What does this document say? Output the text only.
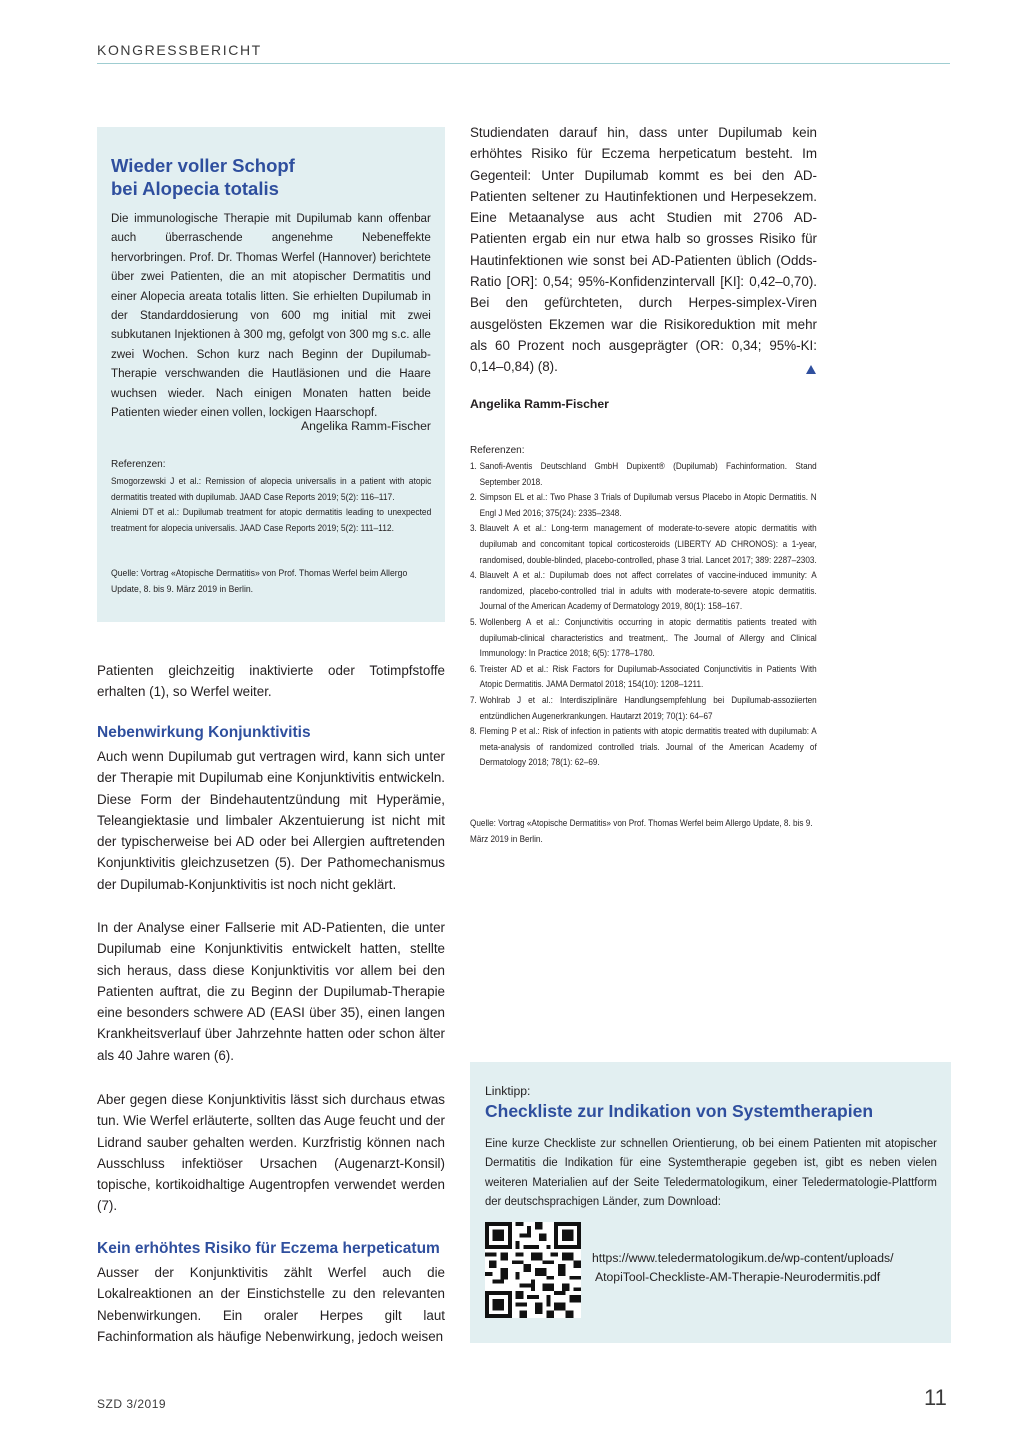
KONGRESSBERICHT
Wieder voller Schopf
bei Alopecia totalis
Die immunologische Therapie mit Dupilumab kann offenbar auch überraschende angenehme Nebeneffekte hervorbringen. Prof. Dr. Thomas Werfel (Hannover) berichtete über zwei Patienten, die an mit atopischer Dermatitis und einer Alopecia areata totalis litten. Sie erhielten Dupilumab in der Standarddosierung von 600 mg initial mit zwei subkutanen Injektionen à 300 mg, gefolgt von 300 mg s.c. alle zwei Wochen. Schon kurz nach Beginn der Dupilumab-Therapie verschwanden die Hautläsionen und die Haare wuchsen wieder. Nach einigen Monaten hatten beide Patienten wieder einen vollen, lockigen Haarschopf.
Angelika Ramm-Fischer
Referenzen:
Smogorzewski J et al.: Remission of alopecia universalis in a patient with atopic dermatitis treated with dupilumab. JAAD Case Reports 2019; 5(2): 116–117.
Alniemi DT et al.: Dupilumab treatment for atopic dermatitis leading to unexpected treatment for alopecia universalis. JAAD Case Reports 2019; 5(2): 111–112.
Quelle: Vortrag «Atopische Dermatitis» von Prof. Thomas Werfel beim Allergo Update, 8. bis 9. März 2019 in Berlin.
Patienten gleichzeitig inaktivierte oder Totimpfstoffe erhalten (1), so Werfel weiter.
Nebenwirkung Konjunktivitis
Auch wenn Dupilumab gut vertragen wird, kann sich unter der Therapie mit Dupilumab eine Konjunktivitis entwickeln. Diese Form der Bindehautentzündung mit Hyperämie, Teleangiektasie und limbaler Akzentuierung ist nicht mit der typischerweise bei AD oder bei Allergien auftretenden Konjunktivitis gleichzusetzen (5). Der Pathomechanismus der Dupilumab-Konjunktivitis ist noch nicht geklärt.
In der Analyse einer Fallserie mit AD-Patienten, die unter Dupilumab eine Konjunktivitis entwickelt hatten, stellte sich heraus, dass diese Konjunktivitis vor allem bei den Patienten auftrat, die zu Beginn der Dupilumab-Therapie eine besonders schwere AD (EASI über 35), einen langen Krankheitsverlauf über Jahrzehnte hatten oder schon älter als 40 Jahre waren (6).
Aber gegen diese Konjunktivitis lässt sich durchaus etwas tun. Wie Werfel erläuterte, sollten das Auge feucht und der Lidrand sauber gehalten werden. Kurzfristig können nach Ausschluss infektiöser Ursachen (Augenarzt-Konsil) topische, kortikoidhaltige Augentropfen verwendet werden (7).
Kein erhöhtes Risiko für Eczema herpeticatum
Ausser der Konjunktivitis zählt Werfel auch die Lokalreaktionen an der Einstichstelle zu den relevanten Nebenwirkungen. Ein oraler Herpes gilt laut Fachinformation als häufige Nebenwirkung, jedoch weisen
Studiendaten darauf hin, dass unter Dupilumab kein erhöhtes Risiko für Eczema herpeticatum besteht. Im Gegenteil: Unter Dupilumab kommt es bei den AD-Patienten seltener zu Hautinfektionen und Herpesekzem. Eine Metaanalyse aus acht Studien mit 2706 AD-Patienten ergab ein nur etwa halb so grosses Risiko für Hautinfektionen wie sonst bei AD-Patienten üblich (Odds-Ratio [OR]: 0,54; 95%-Konfidenzintervall [KI]: 0,42–0,70). Bei den gefürchteten, durch Herpes-simplex-Viren ausgelösten Ekzemen war die Risikoreduktion mit mehr als 60 Prozent noch ausgeprägter (OR: 0,34; 95%-KI: 0,14–0,84) (8).
Angelika Ramm-Fischer
Referenzen:
1. Sanofi-Aventis Deutschland GmbH Dupixent® (Dupilumab) Fachinformation. Stand September 2018.
2. Simpson EL et al.: Two Phase 3 Trials of Dupilumab versus Placebo in Atopic Dermatitis. N Engl J Med 2016; 375(24): 2335–2348.
3. Blauvelt A et al.: Long-term management of moderate-to-severe atopic dermatitis with dupilumab and concomitant topical corticosteroids (LIBERTY AD CHRONOS): a 1-year, randomised, double-blinded, placebo-controlled, phase 3 trial. Lancet 2017; 389: 2287–2303.
4. Blauvelt A et al.: Dupilumab does not affect correlates of vaccine-induced immunity: A randomized, placebo-controlled trial in adults with moderate-to-severe atopic dermatitis. Journal of the American Academy of Dermatology 2019, 80(1): 158–167.
5. Wollenberg A et al.: Conjunctivitis occurring in atopic dermatitis patients treated with dupilumab-clinical characteristics and treatment,. The Journal of Allergy and Clinical Immunology: In Practice 2018; 6(5): 1778–1780.
6. Treister AD et al.: Risk Factors for Dupilumab-Associated Conjunctivitis in Patients With Atopic Dermatitis. JAMA Dermatol 2018; 154(10): 1208–1211.
7. Wohlrab J et al.: Interdisziplinäre Handlungsempfehlung bei Dupilumab-assoziierten entzündlichen Augenerkrankungen. Hautarzt 2019; 70(1): 64–67
8. Fleming P et al.: Risk of infection in patients with atopic dermatitis treated with dupilumab: A meta-analysis of randomized controlled trials. Journal of the American Academy of Dermatology 2018; 78(1): 62–69.
Quelle: Vortrag «Atopische Dermatitis» von Prof. Thomas Werfel beim Allergo Update, 8. bis 9. März 2019 in Berlin.
Linktipp:
Checkliste zur Indikation von Systemtherapien
Eine kurze Checkliste zur schnellen Orientierung, ob bei einem Patienten mit atopischer Dermatitis die Indikation für eine Systemtherapie gegeben ist, gibt es neben vielen weiteren Materialien auf der Seite Teledermatologikum, einer Teledermatologie-Plattform der deutschsprachigen Länder, zum Download:
https://www.teledermatologikum.de/wp-content/uploads/
AtopiTool-Checkliste-AM-Therapie-Neurodermitis.pdf
SZD 3/2019	11
